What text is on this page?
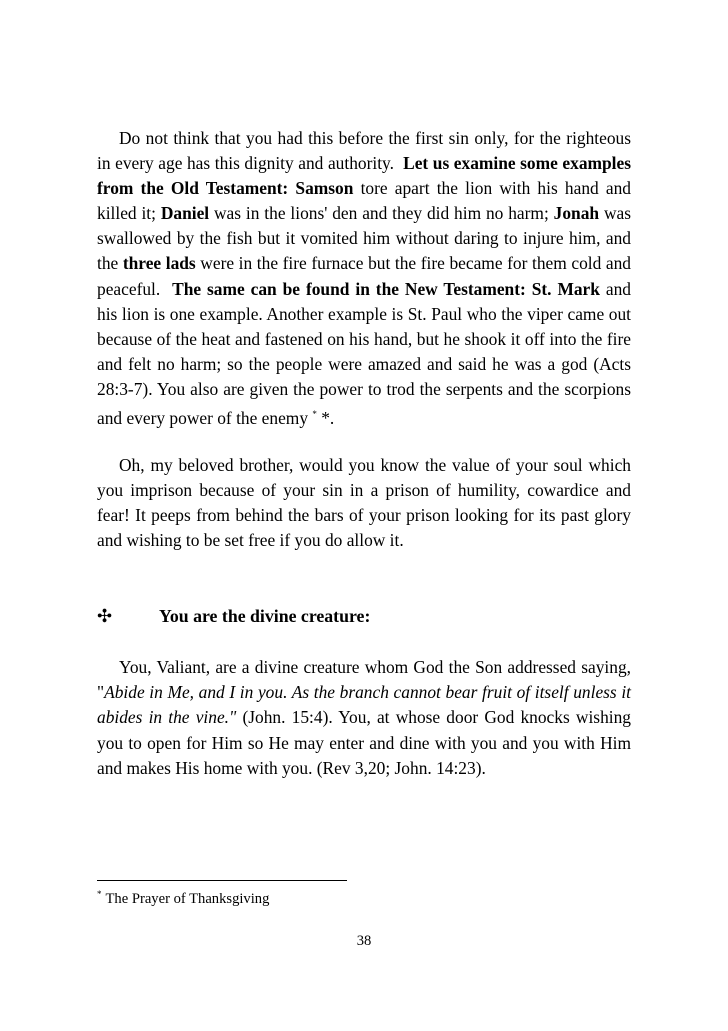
Do not think that you had this before the first sin only, for the righteous in every age has this dignity and authority. Let us examine some examples from the Old Testament: Samson tore apart the lion with his hand and killed it; Daniel was in the lions' den and they did him no harm; Jonah was swallowed by the fish but it vomited him without daring to injure him, and the three lads were in the fire furnace but the fire became for them cold and peaceful. The same can be found in the New Testament: St. Mark and his lion is one example. Another example is St. Paul who the viper came out because of the heat and fastened on his hand, but he shook it off into the fire and felt no harm; so the people were amazed and said he was a god (Acts 28:3-7). You also are given the power to trod the serpents and the scorpions and every power of the enemy * *.

Oh, my beloved brother, would you know the value of your soul which you imprison because of your sin in a prison of humility, cowardice and fear! It peeps from behind the bars of your prison looking for its past glory and wishing to be set free if you do allow it.

✣	You are the divine creature:

You, Valiant, are a divine creature whom God the Son addressed saying, "Abide in Me, and I in you. As the branch cannot bear fruit of itself unless it abides in the vine." (John. 15:4). You, at whose door God knocks wishing you to open for Him so He may enter and dine with you and you with Him and makes His home with you. (Rev 3,20; John. 14:23).

* The Prayer of Thanksgiving
38
